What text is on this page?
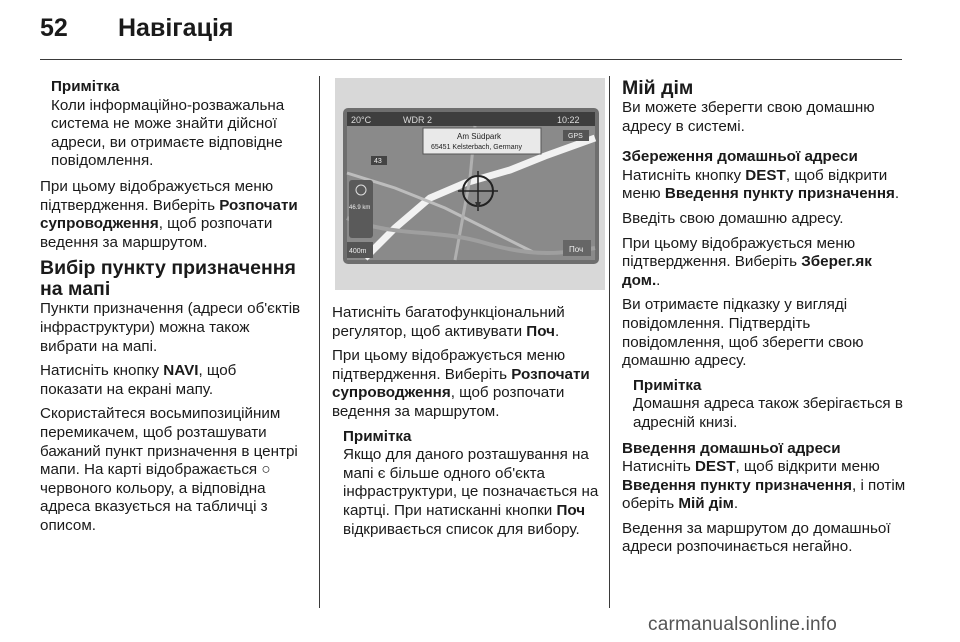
52 Навігація
Примітка
Коли інформаційно-розважальна система не може знайти дійсної адреси, ви отримаєте відповідне повідомлення.

При цьому відображується меню підтвердження. Виберіть Розпочати супроводження, щоб розпочати ведення за маршрутом.

Вибір пункту призначення на мапі

Пункти призначення (адреси об'єктів інфраструктури) можна також вибрати на мапі.

Натисніть кнопку NAVI, щоб показати на екрані мапу.

Скористайтеся восьмипозиційним перемикачем, щоб розташувати бажаний пункт призначення в центрі мапи. На карті відображається ○ червоного кольору, а відповідна адреса вказується на табличці з описом.

20°C	WDR 2	10:22
Am Südpark
65451 Kelsterbach, Germany
GPS
43
46.9 km
400m	Поч

Натисніть багатофункціональний регулятор, щоб активувати Поч.

При цьому відображується меню підтвердження. Виберіть Розпочати супроводження, щоб розпочати ведення за маршрутом.

Примітка
Якщо для даного розташування на мапі є більше одного об'єкта інфраструктури, це позначається на картці. При натисканні кнопки Поч відкривається список для вибору.
Мій дім

Ви можете зберегти свою домашню адресу в системі.

Збереження домашньої адреси

Натисніть кнопку DEST, щоб відкрити меню Введення пункту призначення.

Введіть свою домашню адресу.

При цьому відображується меню підтвердження. Виберіть Зберег.як дом..

Ви отримаєте підказку у вигляді повідомлення. Підтвердіть повідомлення, щоб зберегти свою домашню адресу.

Примітка
Домашня адреса також зберігається в адресній книзі.
Введення домашньої адреси

Натисніть DEST, щоб відкрити меню Введення пункту призначення, і потім оберіть Мій дім.

Ведення за маршрутом до домашньої адреси розпочинається негайно.

carmanualsonline.info
